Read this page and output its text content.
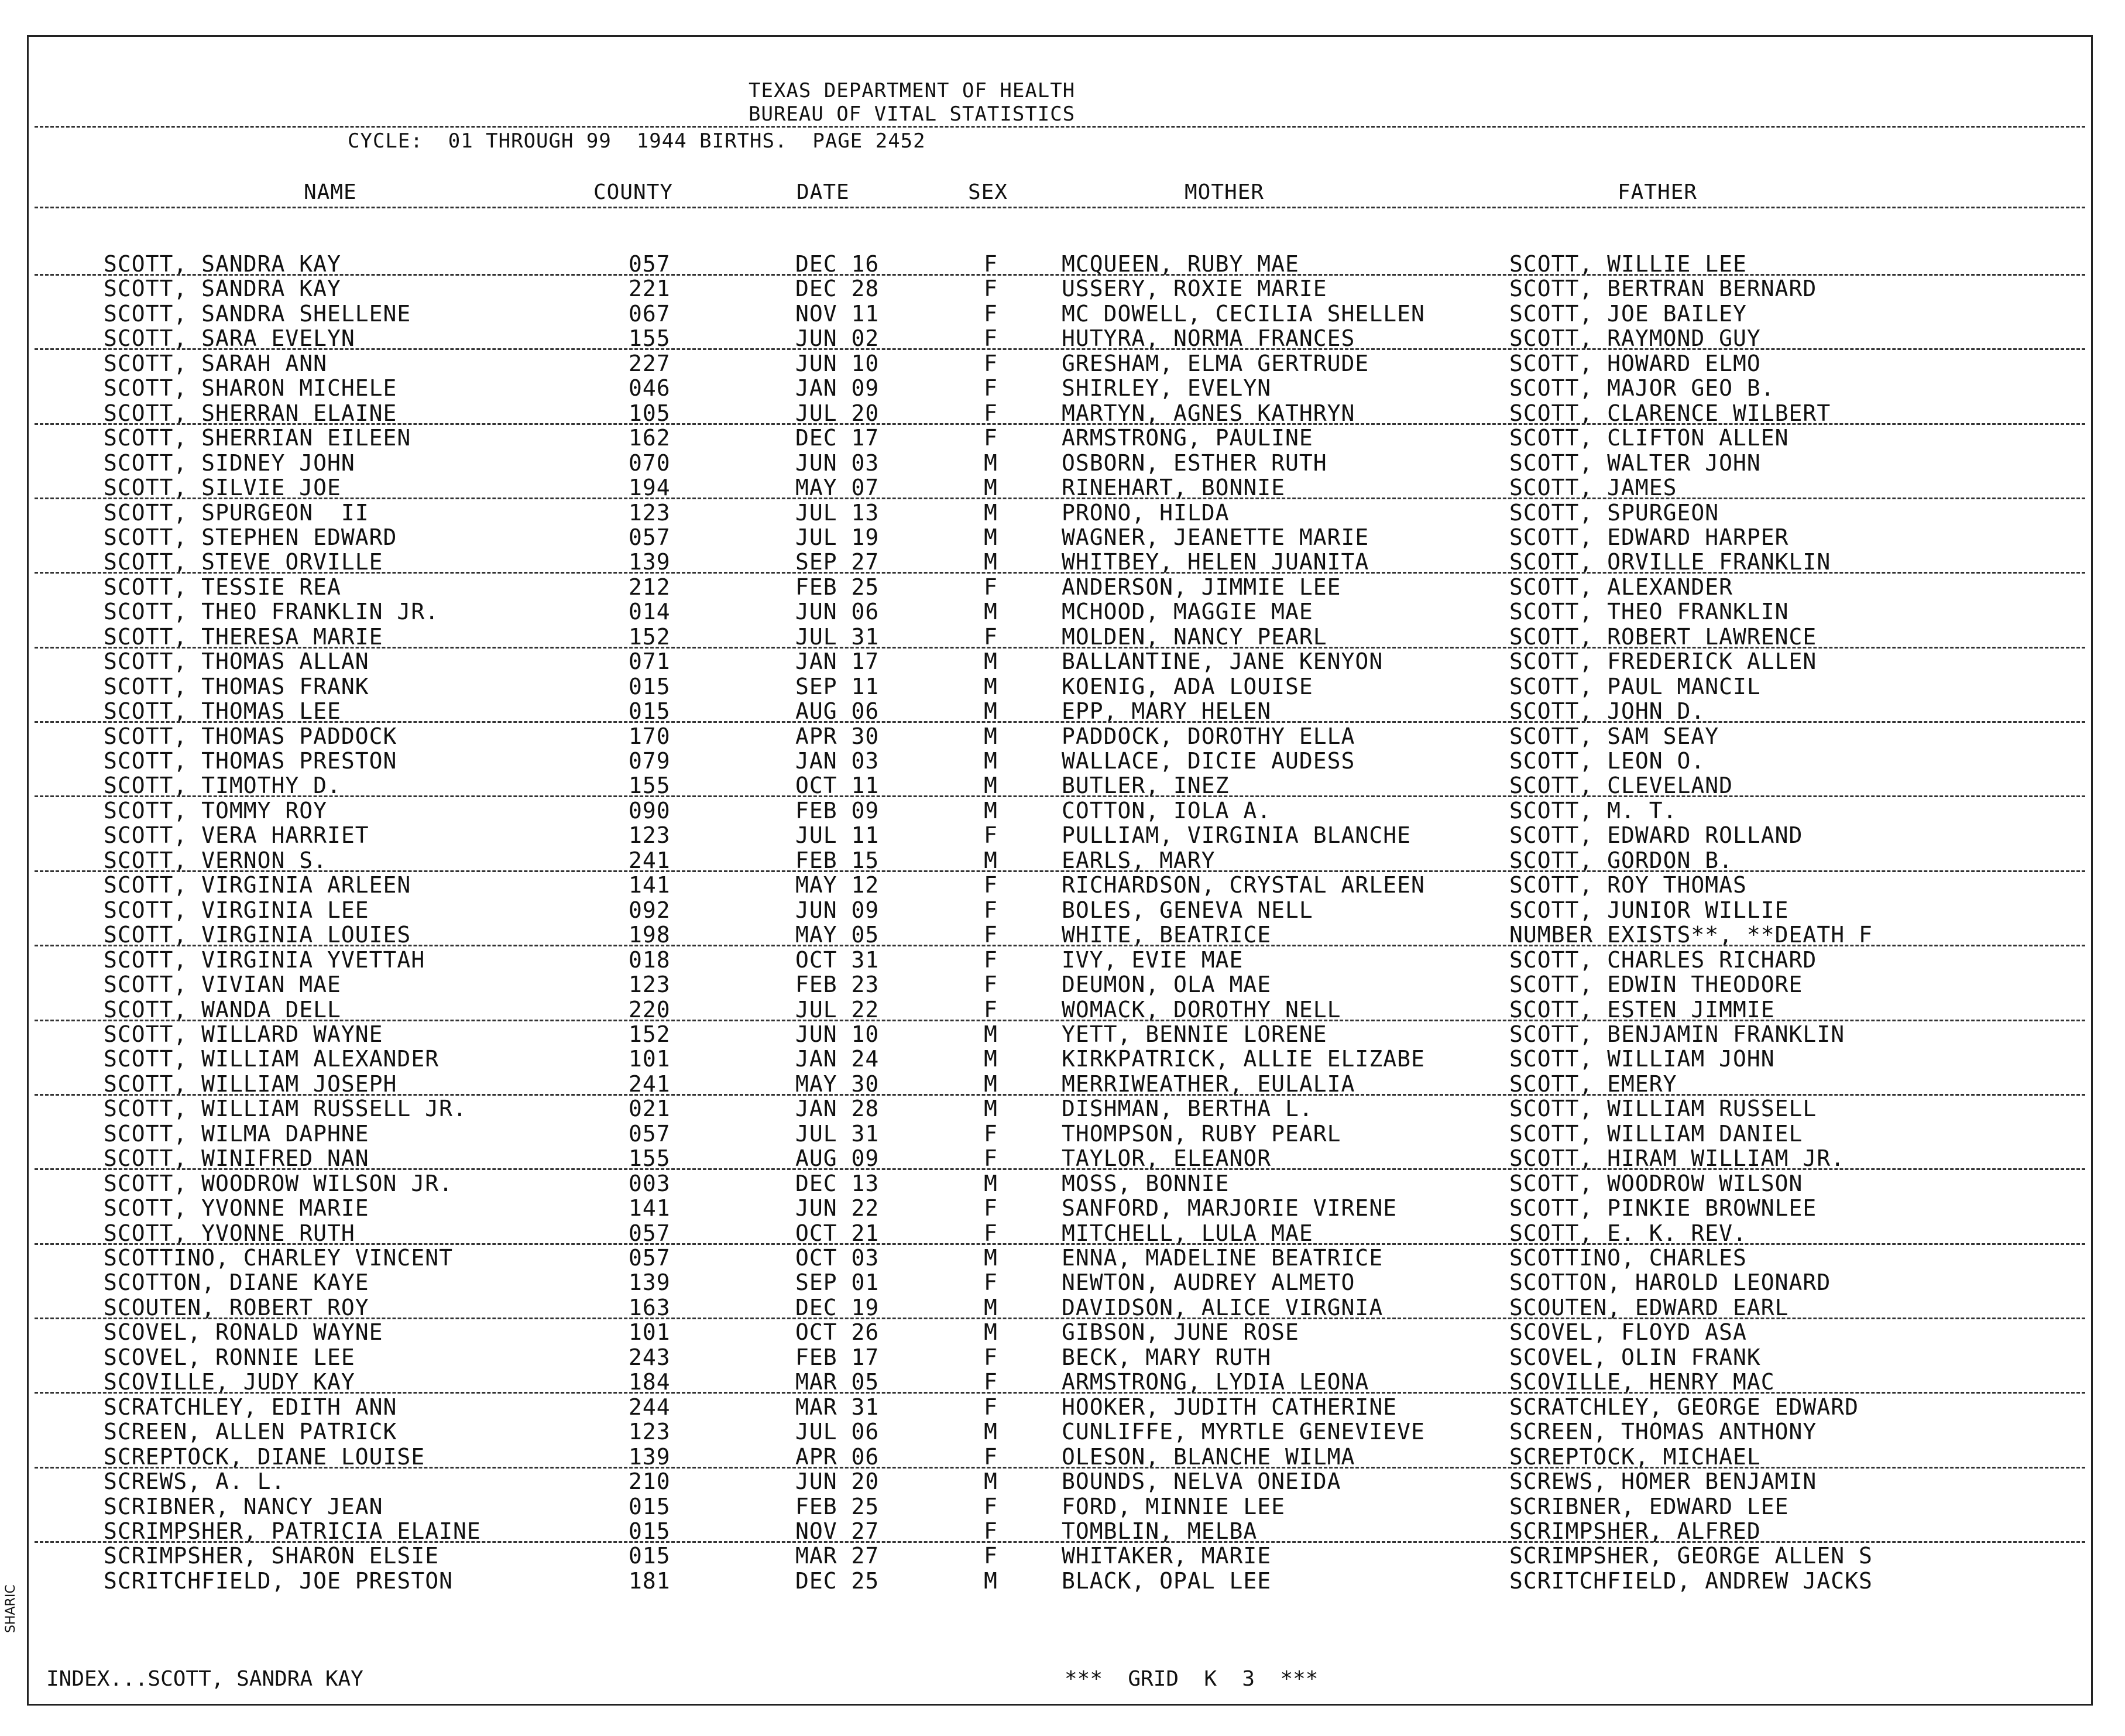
SHARIC
TEXAS DEPARTMENT OF HEALTH
BUREAU OF VITAL STATISTICS
CYCLE:  01 THROUGH 99  1944 BIRTHS.  PAGE 2452
NAME	COUNTY	DATE	SEX	MOTHER	FATHER
SCOTT, SANDRA KAY	057	DEC 16	F	MCQUEEN, RUBY MAE	SCOTT, WILLIE LEE
SCOTT, SANDRA KAY	221	DEC 28	F	USSERY, ROXIE MARIE	SCOTT, BERTRAN BERNARD
SCOTT, SANDRA SHELLENE	067	NOV 11	F	MC DOWELL, CECILIA SHELLEN	SCOTT, JOE BAILEY
SCOTT, SARA EVELYN	155	JUN 02	F	HUTYRA, NORMA FRANCES	SCOTT, RAYMOND GUY
SCOTT, SARAH ANN	227	JUN 10	F	GRESHAM, ELMA GERTRUDE	SCOTT, HOWARD ELMO
SCOTT, SHARON MICHELE	046	JAN 09	F	SHIRLEY, EVELYN	SCOTT, MAJOR GEO B.
SCOTT, SHERRAN ELAINE	105	JUL 20	F	MARTYN, AGNES KATHRYN	SCOTT, CLARENCE WILBERT
SCOTT, SHERRIAN EILEEN	162	DEC 17	F	ARMSTRONG, PAULINE	SCOTT, CLIFTON ALLEN
SCOTT, SIDNEY JOHN	070	JUN 03	M	OSBORN, ESTHER RUTH	SCOTT, WALTER JOHN
SCOTT, SILVIE JOE	194	MAY 07	M	RINEHART, BONNIE	SCOTT, JAMES
SCOTT, SPURGEON  II	123	JUL 13	M	PRONO, HILDA	SCOTT, SPURGEON
SCOTT, STEPHEN EDWARD	057	JUL 19	M	WAGNER, JEANETTE MARIE	SCOTT, EDWARD HARPER
SCOTT, STEVE ORVILLE	139	SEP 27	M	WHITBEY, HELEN JUANITA	SCOTT, ORVILLE FRANKLIN
SCOTT, TESSIE REA	212	FEB 25	F	ANDERSON, JIMMIE LEE	SCOTT, ALEXANDER
SCOTT, THEO FRANKLIN JR.	014	JUN 06	M	MCHOOD, MAGGIE MAE	SCOTT, THEO FRANKLIN
SCOTT, THERESA MARIE	152	JUL 31	F	MOLDEN, NANCY PEARL	SCOTT, ROBERT LAWRENCE
SCOTT, THOMAS ALLAN	071	JAN 17	M	BALLANTINE, JANE KENYON	SCOTT, FREDERICK ALLEN
SCOTT, THOMAS FRANK	015	SEP 11	M	KOENIG, ADA LOUISE	SCOTT, PAUL MANCIL
SCOTT, THOMAS LEE	015	AUG 06	M	EPP, MARY HELEN	SCOTT, JOHN D.
SCOTT, THOMAS PADDOCK	170	APR 30	M	PADDOCK, DOROTHY ELLA	SCOTT, SAM SEAY
SCOTT, THOMAS PRESTON	079	JAN 03	M	WALLACE, DICIE AUDESS	SCOTT, LEON O.
SCOTT, TIMOTHY D.	155	OCT 11	M	BUTLER, INEZ	SCOTT, CLEVELAND
SCOTT, TOMMY ROY	090	FEB 09	M	COTTON, IOLA A.	SCOTT, M. T.
SCOTT, VERA HARRIET	123	JUL 11	F	PULLIAM, VIRGINIA BLANCHE	SCOTT, EDWARD ROLLAND
SCOTT, VERNON S.	241	FEB 15	M	EARLS, MARY	SCOTT, GORDON B.
SCOTT, VIRGINIA ARLEEN	141	MAY 12	F	RICHARDSON, CRYSTAL ARLEEN	SCOTT, ROY THOMAS
SCOTT, VIRGINIA LEE	092	JUN 09	F	BOLES, GENEVA NELL	SCOTT, JUNIOR WILLIE
SCOTT, VIRGINIA LOUIES	198	MAY 05	F	WHITE, BEATRICE	NUMBER EXISTS**, **DEATH F
SCOTT, VIRGINIA YVETTAH	018	OCT 31	F	IVY, EVIE MAE	SCOTT, CHARLES RICHARD
SCOTT, VIVIAN MAE	123	FEB 23	F	DEUMON, OLA MAE	SCOTT, EDWIN THEODORE
SCOTT, WANDA DELL	220	JUL 22	F	WOMACK, DOROTHY NELL	SCOTT, ESTEN JIMMIE
SCOTT, WILLARD WAYNE	152	JUN 10	M	YETT, BENNIE LORENE	SCOTT, BENJAMIN FRANKLIN
SCOTT, WILLIAM ALEXANDER	101	JAN 24	M	KIRKPATRICK, ALLIE ELIZABE	SCOTT, WILLIAM JOHN
SCOTT, WILLIAM JOSEPH	241	MAY 30	M	MERRIWEATHER, EULALIA	SCOTT, EMERY
SCOTT, WILLIAM RUSSELL JR.	021	JAN 28	M	DISHMAN, BERTHA L.	SCOTT, WILLIAM RUSSELL
SCOTT, WILMA DAPHNE	057	JUL 31	F	THOMPSON, RUBY PEARL	SCOTT, WILLIAM DANIEL
SCOTT, WINIFRED NAN	155	AUG 09	F	TAYLOR, ELEANOR	SCOTT, HIRAM WILLIAM JR.
SCOTT, WOODROW WILSON JR.	003	DEC 13	M	MOSS, BONNIE	SCOTT, WOODROW WILSON
SCOTT, YVONNE MARIE	141	JUN 22	F	SANFORD, MARJORIE VIRENE	SCOTT, PINKIE BROWNLEE
SCOTT, YVONNE RUTH	057	OCT 21	F	MITCHELL, LULA MAE	SCOTT, E. K. REV.
SCOTTINO, CHARLEY VINCENT	057	OCT 03	M	ENNA, MADELINE BEATRICE	SCOTTINO, CHARLES
SCOTTON, DIANE KAYE	139	SEP 01	F	NEWTON, AUDREY ALMETO	SCOTTON, HAROLD LEONARD
SCOUTEN, ROBERT ROY	163	DEC 19	M	DAVIDSON, ALICE VIRGNIA	SCOUTEN, EDWARD EARL
SCOVEL, RONALD WAYNE	101	OCT 26	M	GIBSON, JUNE ROSE	SCOVEL, FLOYD ASA
SCOVEL, RONNIE LEE	243	FEB 17	F	BECK, MARY RUTH	SCOVEL, OLIN FRANK
SCOVILLE, JUDY KAY	184	MAR 05	F	ARMSTRONG, LYDIA LEONA	SCOVILLE, HENRY MAC
SCRATCHLEY, EDITH ANN	244	MAR 31	F	HOOKER, JUDITH CATHERINE	SCRATCHLEY, GEORGE EDWARD
SCREEN, ALLEN PATRICK	123	JUL 06	M	CUNLIFFE, MYRTLE GENEVIEVE	SCREEN, THOMAS ANTHONY
SCREPTOCK, DIANE LOUISE	139	APR 06	F	OLESON, BLANCHE WILMA	SCREPTOCK, MICHAEL
SCREWS, A. L.	210	JUN 20	M	BOUNDS, NELVA ONEIDA	SCREWS, HOMER BENJAMIN
SCRIBNER, NANCY JEAN	015	FEB 25	F	FORD, MINNIE LEE	SCRIBNER, EDWARD LEE
SCRIMPSHER, PATRICIA ELAINE	015	NOV 27	F	TOMBLIN, MELBA	SCRIMPSHER, ALFRED
SCRIMPSHER, SHARON ELSIE	015	MAR 27	F	WHITAKER, MARIE	SCRIMPSHER, GEORGE ALLEN S
SCRITCHFIELD, JOE PRESTON	181	DEC 25	M	BLACK, OPAL LEE	SCRITCHFIELD, ANDREW JACKS
INDEX...SCOTT, SANDRA KAY	***  GRID  K  3  ***
